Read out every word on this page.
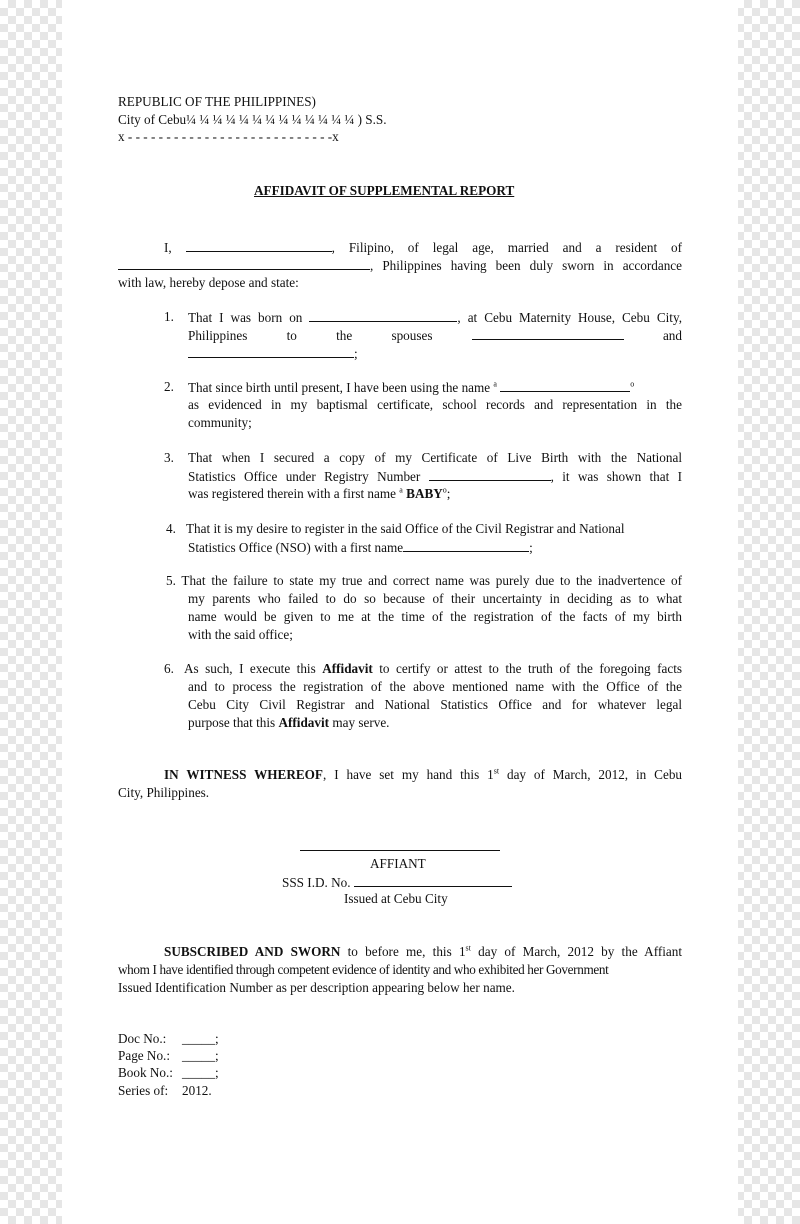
REPUBLIC OF THE PHILIPPINES)
City of Cebu¼ ¼ ¼ ¼ ¼ ¼ ¼ ¼ ¼ ¼ ¼ ¼ ¼ ) S.S.
x - - - - - - - - - - - - - - - - - - - - - - - - - - -x
AFFIDAVIT OF SUPPLEMENTAL REPORT
I,	, Filipino, of legal age, married and a resident of
, Philippines having been duly sworn in accordance
with law, hereby depose and state:
1. That I was born on	, at Cebu Maternity House, Cebu City,
Philippines	to	the	spouses	and
;
2. That since birth until present, I have been using the name $^a$	$^o$
as evidenced in my baptismal certificate, school records and representation in the
community;
3. That when I secured a copy of my Certificate of Live Birth with the National
Statistics Office under Registry Number	, it was shown that I
was registered therein with a first name $^a$ BABY$^o$;
4. That it is my desire to register in the said Office of the Civil Registrar and National
Statistics Office (NSO) with a first name	;
5. That the failure to state my true and correct name was purely due to the inadvertence of
my parents who failed to do so because of their uncertainty in deciding as to what
name would be given to me at the time of the registration of the facts of my birth
with the said office;
6. As such, I execute this Affidavit to certify or attest to the truth of the foregoing facts
and to process the registration of the above mentioned name with the Office of the
Cebu City Civil Registrar and National Statistics Office and for whatever legal
purpose that this Affidavit may serve.
IN WITNESS WHEREOF, I have set my hand this 1st day of March, 2012, in Cebu
City, Philippines.
AFFIANT
SSS I.D. No.
Issued at Cebu City
SUBSCRIBED AND SWORN to before me, this 1st day of March, 2012 by the Affiant
whom I have identified through competent evidence of identity and who exhibited her Government
Issued Identification Number as per description appearing below her name.
Doc No.: _____;
Page No.: _____;
Book No.: _____;
Series of: 2012.
